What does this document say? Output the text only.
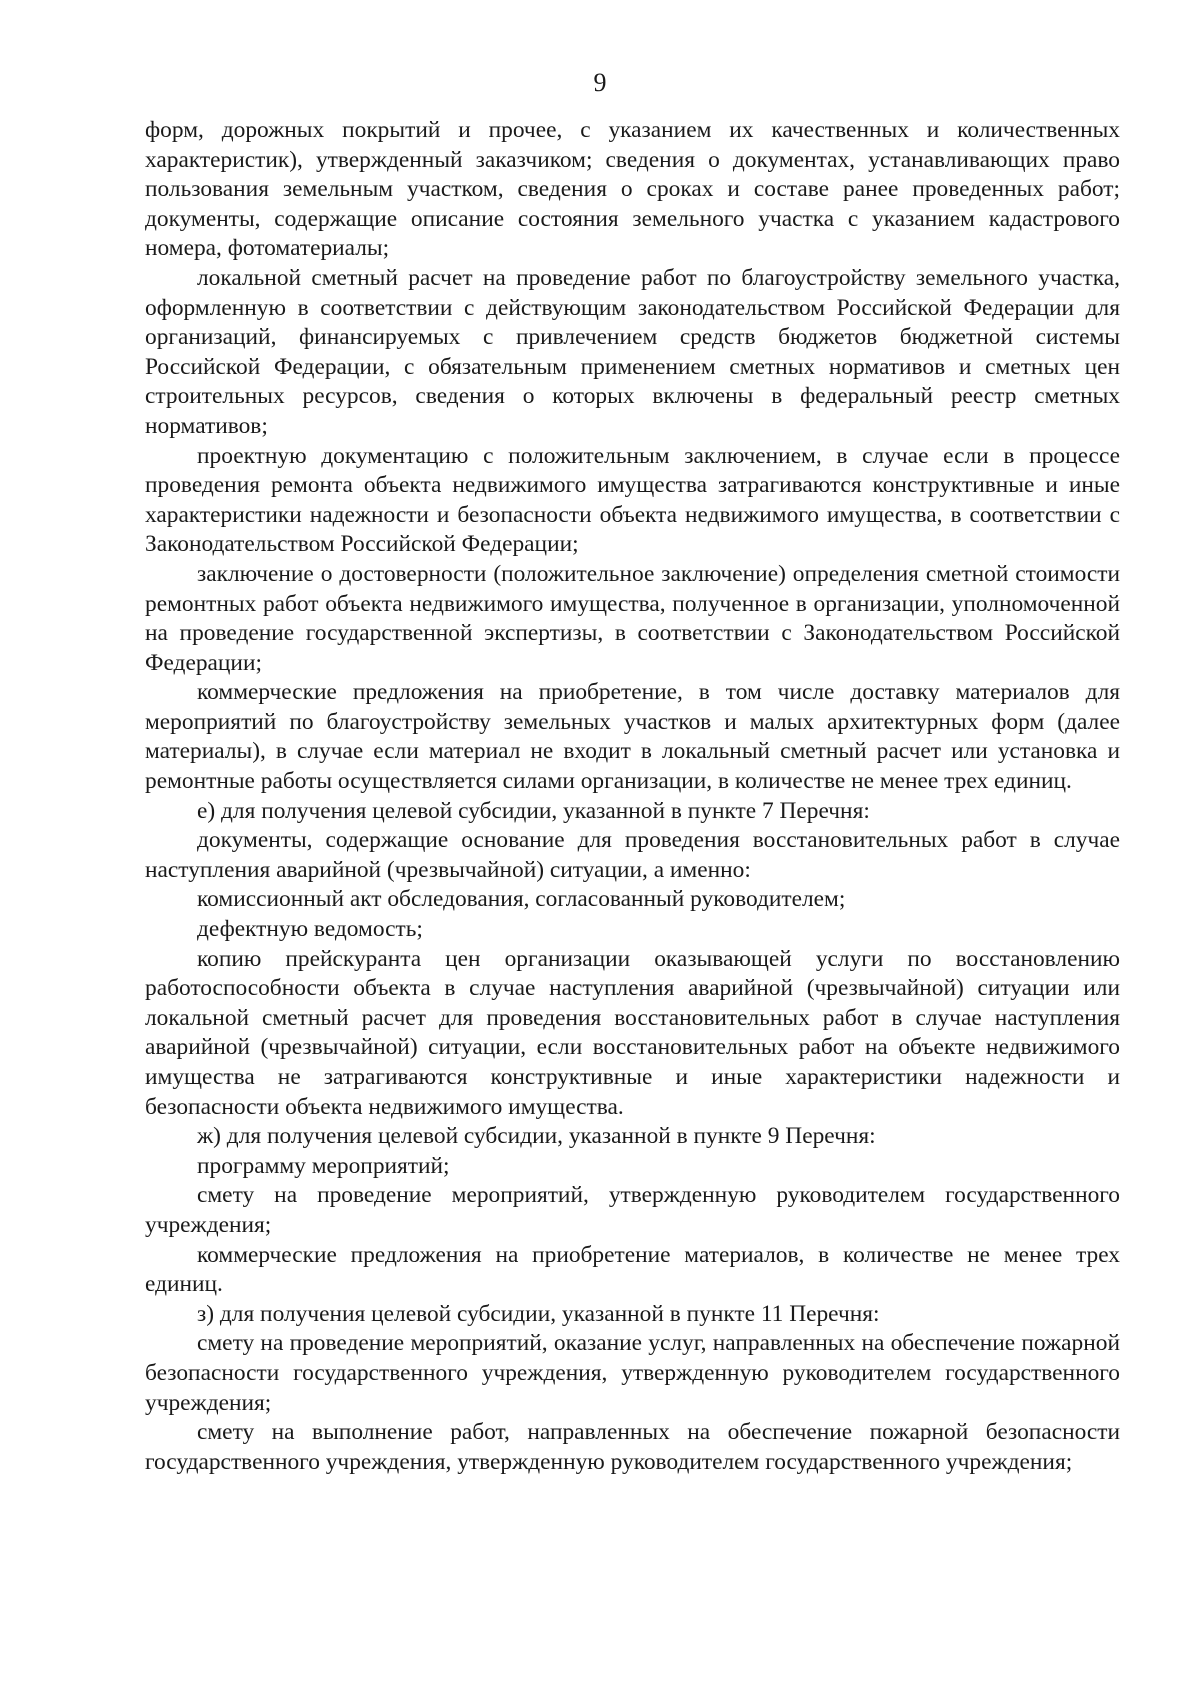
9

форм, дорожных покрытий и прочее, с указанием их качественных и количественных характеристик), утвержденный заказчиком; сведения о документах, устанавливающих право пользования земельным участком, сведения о сроках и составе ранее проведенных работ; документы, содержащие описание состояния земельного участка с указанием кадастрового номера, фотоматериалы;

локальной сметный расчет на проведение работ по благоустройству земельного участка, оформленную в соответствии с действующим законодательством Российской Федерации для организаций, финансируемых с привлечением средств бюджетов бюджетной системы Российской Федерации, с обязательным применением сметных нормативов и сметных цен строительных ресурсов, сведения о которых включены в федеральный реестр сметных нормативов;

проектную документацию с положительным заключением, в случае если в процессе проведения ремонта объекта недвижимого имущества затрагиваются конструктивные и иные характеристики надежности и безопасности объекта недвижимого имущества, в соответствии с Законодательством Российской Федерации;

заключение о достоверности (положительное заключение) определения сметной стоимости ремонтных работ объекта недвижимого имущества, полученное в организации, уполномоченной на проведение государственной экспертизы, в соответствии с Законодательством Российской Федерации;

коммерческие предложения на приобретение, в том числе доставку материалов для мероприятий по благоустройству земельных участков и малых архитектурных форм (далее материалы), в случае если материал не входит в локальный сметный расчет или установка и ремонтные работы осуществляется силами организации, в количестве не менее трех единиц.

е) для получения целевой субсидии, указанной в пункте 7 Перечня:

документы, содержащие основание для проведения восстановительных работ в случае наступления аварийной (чрезвычайной) ситуации, а именно:

комиссионный акт обследования, согласованный руководителем;

дефектную ведомость;

копию прейскуранта цен организации оказывающей услуги по восстановлению работоспособности объекта в случае наступления аварийной (чрезвычайной) ситуации или локальной сметный расчет для проведения восстановительных работ в случае наступления аварийной (чрезвычайной) ситуации, если восстановительных работ на объекте недвижимого имущества не затрагиваются конструктивные и иные характеристики надежности и безопасности объекта недвижимого имущества.

ж) для получения целевой субсидии, указанной в пункте 9 Перечня:

программу мероприятий;

смету на проведение мероприятий, утвержденную руководителем государственного учреждения;

коммерческие предложения на приобретение материалов, в количестве не менее трех единиц.

з) для получения целевой субсидии, указанной в пункте 11 Перечня:

смету на проведение мероприятий, оказание услуг, направленных на обеспечение пожарной безопасности государственного учреждения, утвержденную руководителем государственного учреждения;

смету на выполнение работ, направленных на обеспечение пожарной безопасности государственного учреждения, утвержденную руководителем государственного учреждения;
